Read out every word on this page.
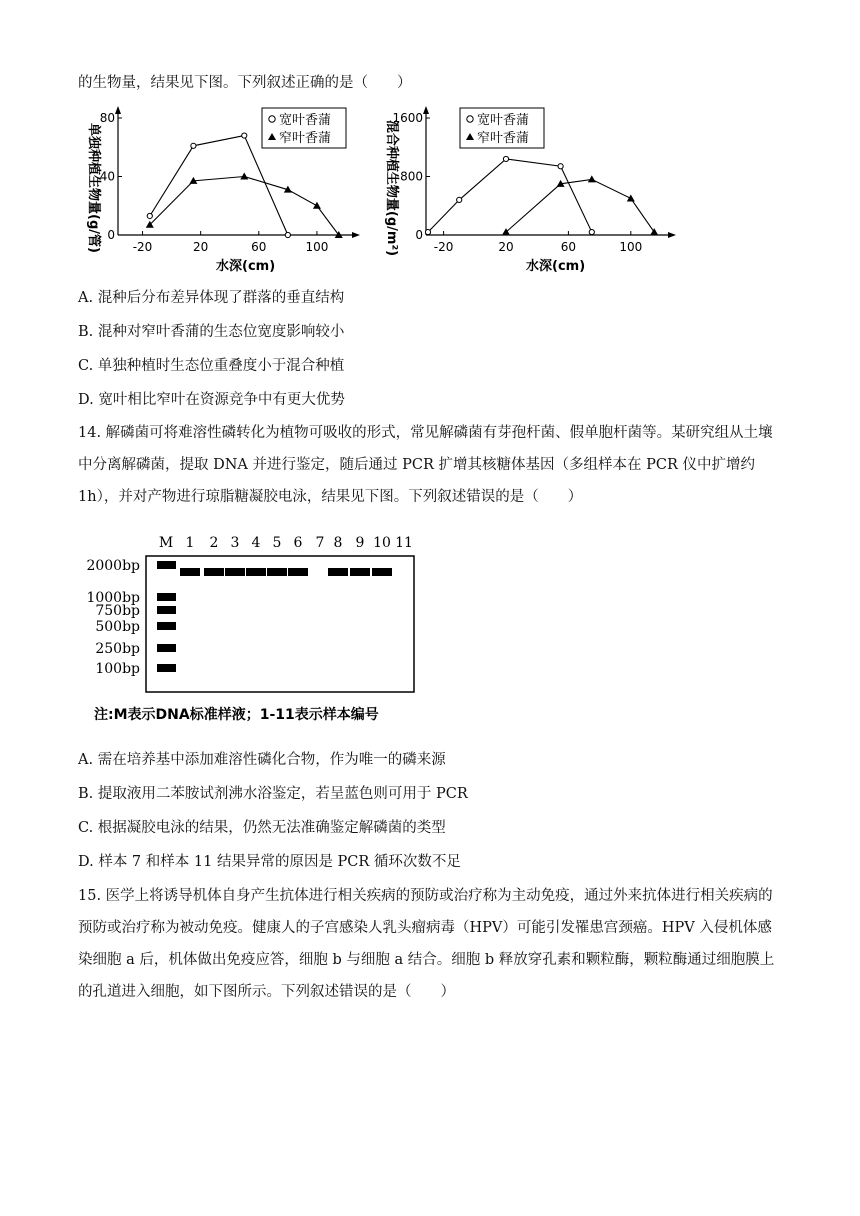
的生物量，结果见下图。下列叙述正确的是（　　）
单独种植生物量(g/管)	-20	20	60	100
0
40
80	宽叶香蒲
窄叶香蒲
水深(cm)
混合种植生物量(g/m²)	-20	20	60	100
0
800
1600	宽叶香蒲
窄叶香蒲
水深(cm)
A. 混种后分布差异体现了群落的垂直结构
B. 混种对窄叶香蒲的生态位宽度影响较小
C. 单独种植时生态位重叠度小于混合种植
D. 宽叶相比窄叶在资源竞争中有更大优势
14. 解磷菌可将难溶性磷转化为植物可吸收的形式，常见解磷菌有芽孢杆菌、假单胞杆菌等。某研究组从土壤中分离解磷菌，提取 DNA 并进行鉴定，随后通过 PCR 扩增其核糖体基因（多组样本在 PCR 仪中扩增约 1h），并对产物进行琼脂糖凝胶电泳，结果见下图。下列叙述错误的是（　　）
M 1 2 3 4 5 6 7 8 9 10 11
2000bp
1000bp
750bp
500bp
250bp
100bp
注:M表示DNA标准样液；1-11表示样本编号
A. 需在培养基中添加难溶性磷化合物，作为唯一的磷来源
B. 提取液用二苯胺试剂沸水浴鉴定，若呈蓝色则可用于 PCR
C. 根据凝胶电泳的结果，仍然无法准确鉴定解磷菌的类型
D. 样本 7 和样本 11 结果异常的原因是 PCR 循环次数不足
15. 医学上将诱导机体自身产生抗体进行相关疾病的预防或治疗称为主动免疫，通过外来抗体进行相关疾病的预防或治疗称为被动免疫。健康人的子宫感染人乳头瘤病毒（HPV）可能引发罹患宫颈癌。HPV 入侵机体感染细胞 a 后，机体做出免疫应答，细胞 b 与细胞 a 结合。细胞 b 释放穿孔素和颗粒酶，颗粒酶通过细胞膜上的孔道进入细胞，如下图所示。下列叙述错误的是（　　）
